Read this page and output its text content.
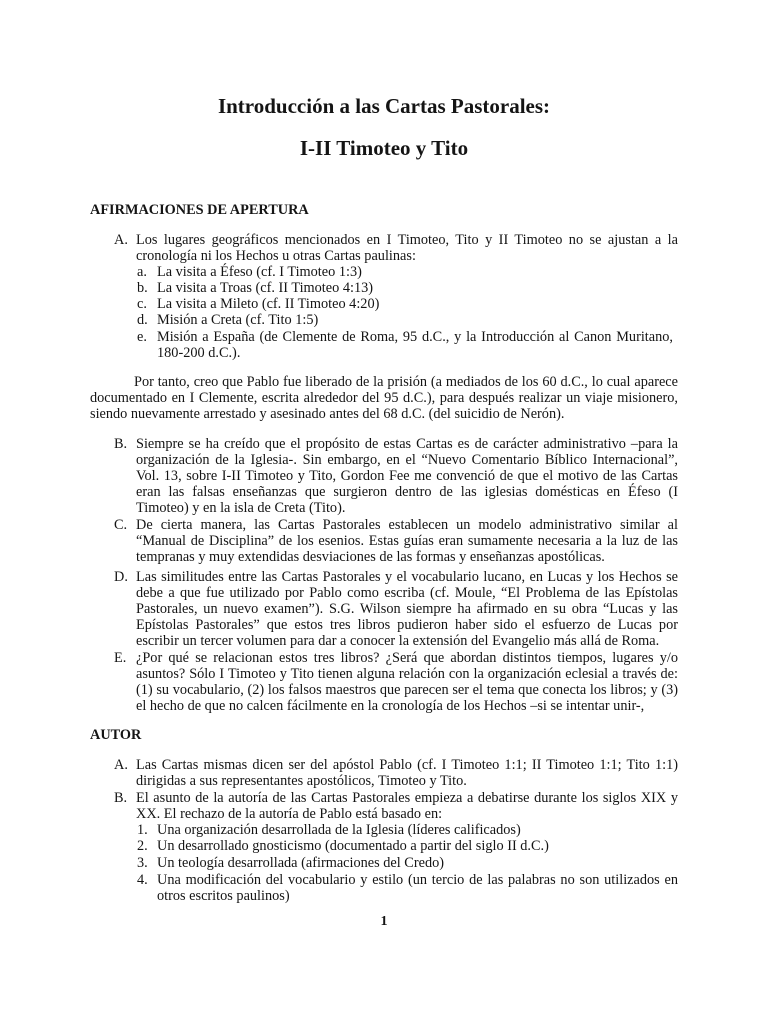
Introducción a las Cartas Pastorales:
I-II Timoteo y Tito
AFIRMACIONES DE APERTURA
A. Los lugares geográficos mencionados en I Timoteo, Tito y II Timoteo no se ajustan a la cronología ni los Hechos u otras Cartas paulinas:
a. La visita a Éfeso (cf. I Timoteo 1:3)
b. La visita a Troas (cf. II Timoteo 4:13)
c. La visita a Mileto (cf. II Timoteo 4:20)
d. Misión a Creta (cf. Tito 1:5)
e. Misión a España (de Clemente de Roma, 95 d.C., y la Introducción al Canon Muritano, 180-200 d.C.).
Por tanto, creo que Pablo fue liberado de la prisión (a mediados de los 60 d.C., lo cual aparece documentado en I Clemente, escrita alrededor del 95 d.C.), para después realizar un viaje misionero, siendo nuevamente arrestado y asesinado antes del 68 d.C. (del suicidio de Nerón).
B. Siempre se ha creído que el propósito de estas Cartas es de carácter administrativo –para la organización de la Iglesia-. Sin embargo, en el “Nuevo Comentario Bíblico Internacional”, Vol. 13, sobre I-II Timoteo y Tito, Gordon Fee me convenció de que el motivo de las Cartas eran las falsas enseñanzas que surgieron dentro de las iglesias domésticas en Éfeso (I Timoteo) y en la isla de Creta (Tito).
C. De cierta manera, las Cartas Pastorales establecen un modelo administrativo similar al “Manual de Disciplina” de los esenios. Estas guías eran sumamente necesaria a la luz de las tempranas y muy extendidas desviaciones de las formas y enseñanzas apostólicas.
D. Las similitudes entre las Cartas Pastorales y el vocabulario lucano, en Lucas y los Hechos se debe a que fue utilizado por Pablo como escriba (cf. Moule, “El Problema de las Epístolas Pastorales, un nuevo examen”). S.G. Wilson siempre ha afirmado en su obra “Lucas y las Epístolas Pastorales” que estos tres libros pudieron haber sido el esfuerzo de Lucas por escribir un tercer volumen para dar a conocer la extensión del Evangelio más allá de Roma.
E. ¿Por qué se relacionan estos tres libros? ¿Será que abordan distintos tiempos, lugares y/o asuntos? Sólo I Timoteo y Tito tienen alguna relación con la organización eclesial a través de: (1) su vocabulario, (2) los falsos maestros que parecen ser el tema que conecta los libros; y (3) el hecho de que no calcen fácilmente en la cronología de los Hechos –si se intentar unir-,
AUTOR
A. Las Cartas mismas dicen ser del apóstol Pablo (cf. I Timoteo 1:1; II Timoteo 1:1; Tito 1:1) dirigidas a sus representantes apostólicos, Timoteo y Tito.
B. El asunto de la autoría de las Cartas Pastorales empieza a debatirse durante los siglos XIX y XX. El rechazo de la autoría de Pablo está basado en:
1. Una organización desarrollada de la Iglesia (líderes calificados)
2. Un desarrollado gnosticismo (documentado a partir del siglo II d.C.)
3. Un teología desarrollada (afirmaciones del Credo)
4. Una modificación del vocabulario y estilo (un tercio de las palabras no son utilizados en otros escritos paulinos)
1
